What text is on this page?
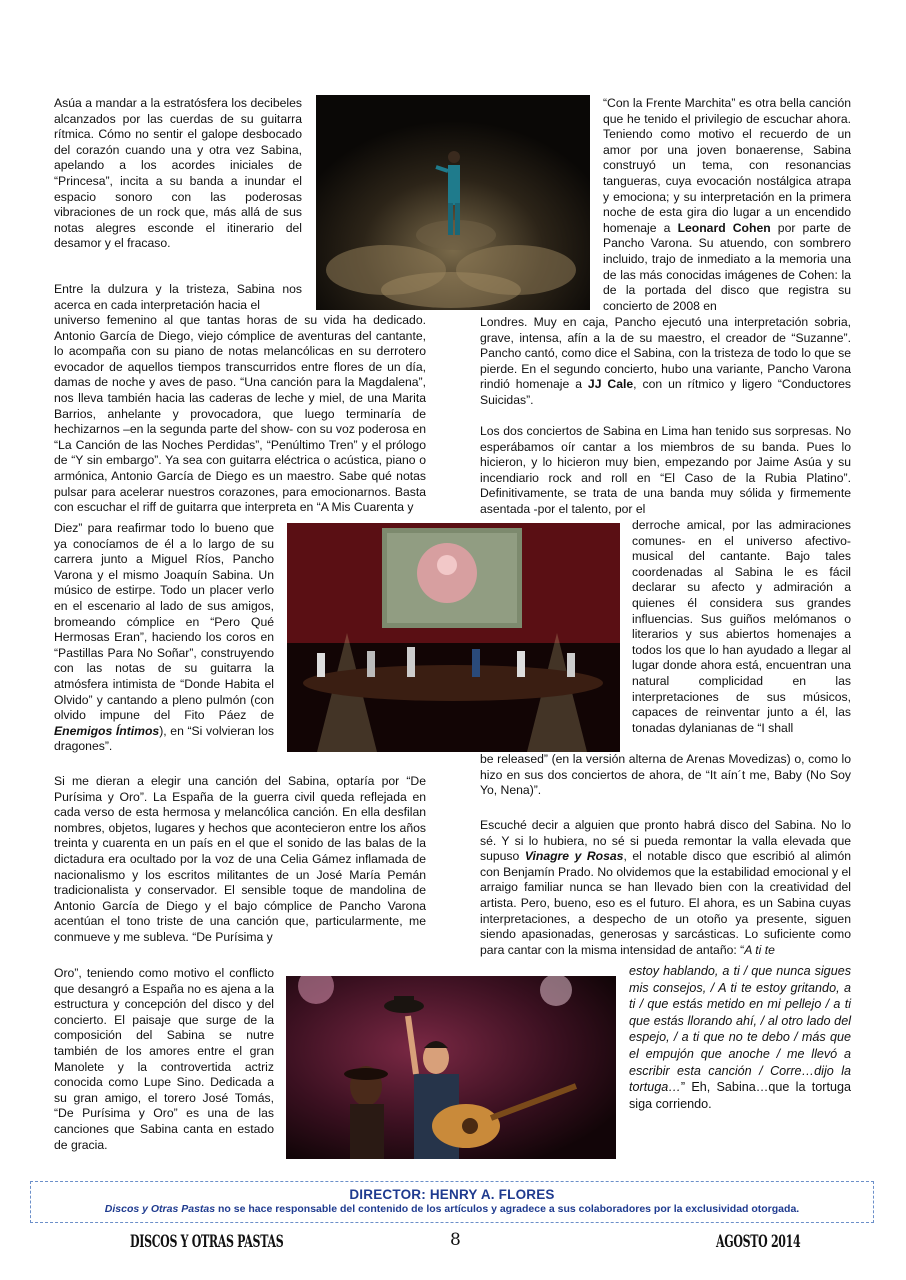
Asúa a mandar a la estratósfera los decibeles alcanzados por las cuerdas de su guitarra rítmica. Cómo no sentir el galope desbocado del corazón cuando una y otra vez Sabina, apelando a los acordes iniciales de “Princesa”, incita a su banda a inundar el espacio sonoro con las poderosas vibraciones de un rock que, más allá de sus notas alegres esconde el itinerario del desamor y el fracaso.
Entre la dulzura y la tristeza, Sabina nos acerca en cada interpretación hacia el
universo femenino al que tantas horas de su vida ha dedicado. Antonio García de Diego, viejo cómplice de aventuras del cantante, lo acompaña con su piano de notas melancólicas en su derrotero evocador de aquellos tiempos transcurridos entre flores de un día, damas de noche y aves de paso. “Una canción para la Magdalena”, nos lleva también hacia las caderas de leche y miel, de una Marita Barrios, anhelante y provocadora, que luego terminaría de hechizarnos –en la segunda parte del show- con su voz poderosa en “La Canción de las Noches Perdidas”, “Penúltimo Tren” y el prólogo de “Y sin embargo”. Ya sea con guitarra eléctrica o acústica, piano o armónica, Antonio García de Diego es un maestro. Sabe qué notas pulsar para acelerar nuestros corazones, para emocionarnos. Basta con escuchar el riff de guitarra que interpreta en “A Mis Cuarenta y
Diez” para reafirmar todo lo bueno que ya conocíamos de él a lo largo de su carrera junto a Miguel Ríos, Pancho Varona y el mismo Joaquín Sabina. Un músico de estirpe. Todo un placer verlo en el escenario al lado de sus amigos, bromeando cómplice en “Pero Qué Hermosas Eran”, haciendo los coros en “Pastillas Para No Soñar”, construyendo con las notas de su guitarra la atmósfera intimista de “Donde Habita el Olvido” y cantando a pleno pulmón (con olvido impune del Fito Páez de Enemigos Íntimos), en “Si volvieran los dragones”.
Si me dieran a elegir una canción del Sabina, optaría por “De Purísima y Oro”. La España de la guerra civil queda reflejada en cada verso de esta hermosa y melancólica canción. En ella desfilan nombres, objetos, lugares y hechos que acontecieron entre los años treinta y cuarenta en un país en el que el sonido de las balas de la dictadura era ocultado por la voz de una Celia Gámez inflamada de nacionalismo y los escritos militantes de un José María Pemán tradicionalista y conservador. El sensible toque de mandolina de Antonio García de Diego y el bajo cómplice de Pancho Varona acentúan el tono triste de una canción que, particularmente, me conmueve y me subleva. “De Purísima y
Oro”, teniendo como motivo el conflicto que desangró a España no es ajena a la estructura y concepción del disco y del concierto. El paisaje que surge de la composición del Sabina se nutre también de los amores entre el gran Manolete y la controvertida actriz conocida como Lupe Sino. Dedicada a su gran amigo, el torero José Tomás, “De Purísima y Oro” es una de las canciones que Sabina canta en estado de gracia.
“Con la Frente Marchita” es otra bella canción que he tenido el privilegio de escuchar ahora. Teniendo como motivo el recuerdo de un amor por una joven bonaerense, Sabina construyó un tema, con resonancias tangueras, cuya evocación nostálgica atrapa y emociona; y su interpretación en la primera noche de esta gira dio lugar a un encendido homenaje a Leonard Cohen por parte de Pancho Varona. Su atuendo, con sombrero incluido, trajo de inmediato a la memoria una de las más conocidas imágenes de Cohen: la de la portada del disco que registra su concierto de 2008 en
Londres. Muy en caja, Pancho ejecutó una interpretación sobria, grave, intensa, afín a la de su maestro, el creador de “Suzanne”. Pancho cantó, como dice el Sabina, con la tristeza de todo lo que se pierde. En el segundo concierto, hubo una variante, Pancho Varona rindió homenaje a JJ Cale, con un rítmico y ligero “Conductores Suicidas”.
Los dos conciertos de Sabina en Lima han tenido sus sorpresas. No esperábamos oír cantar a los miembros de su banda. Pues lo hicieron, y lo hicieron muy bien, empezando por Jaime Asúa y su incendiario rock and roll en “El Caso de la Rubia Platino”. Definitivamente, se trata de una banda muy sólida y firmemente asentada -por el talento, por el
derroche amical, por las admiraciones comunes- en el universo afectivo-musical del cantante. Bajo tales coordenadas al Sabina le es fácil declarar su afecto y admiración a quienes él considera sus grandes influencias. Sus guiños melómanos o literarios y sus abiertos homenajes a todos los que lo han ayudado a llegar al lugar donde ahora está, encuentran una natural complicidad en las interpretaciones de sus músicos, capaces de reinventar junto a él, las tonadas dylanianas de “I shall
be released” (en la versión alterna de Arenas Movedizas) o, como lo hizo en sus dos conciertos de ahora, de “It aín´t me, Baby (No Soy Yo, Nena)”.
Escuché decir a alguien que pronto habrá disco del Sabina. No lo sé. Y si lo hubiera, no sé si pueda remontar la valla elevada que supuso Vinagre y Rosas, el notable disco que escribió al alimón con Benjamín Prado. No olvidemos que la estabilidad emocional y el arraigo familiar nunca se han llevado bien con la creatividad del artista. Pero, bueno, eso es el futuro. El ahora, es un Sabina cuyas interpretaciones, a despecho de un otoño ya presente, siguen siendo apasionadas, generosas y sarcásticas. Lo suficiente como para cantar con la misma intensidad de antaño: “A ti te
estoy hablando, a ti / que nunca sigues mis consejos, / A ti te estoy gritando, a ti / que estás metido en mi pellejo / a ti que estás llorando ahí, / al otro lado del espejo, / a ti que no te debo / más que el empujón que anoche / me llevó a escribir esta canción / Corre…dijo la tortuga…” Eh, Sabina…que la tortuga siga corriendo.
DIRECTOR: HENRY A. FLORES
Discos y Otras Pastas no se hace responsable del contenido de los artículos y agradece a sus colaboradores por la exclusividad otorgada.
DISCOS Y OTRAS PASTAS	8	AGOSTO 2014
